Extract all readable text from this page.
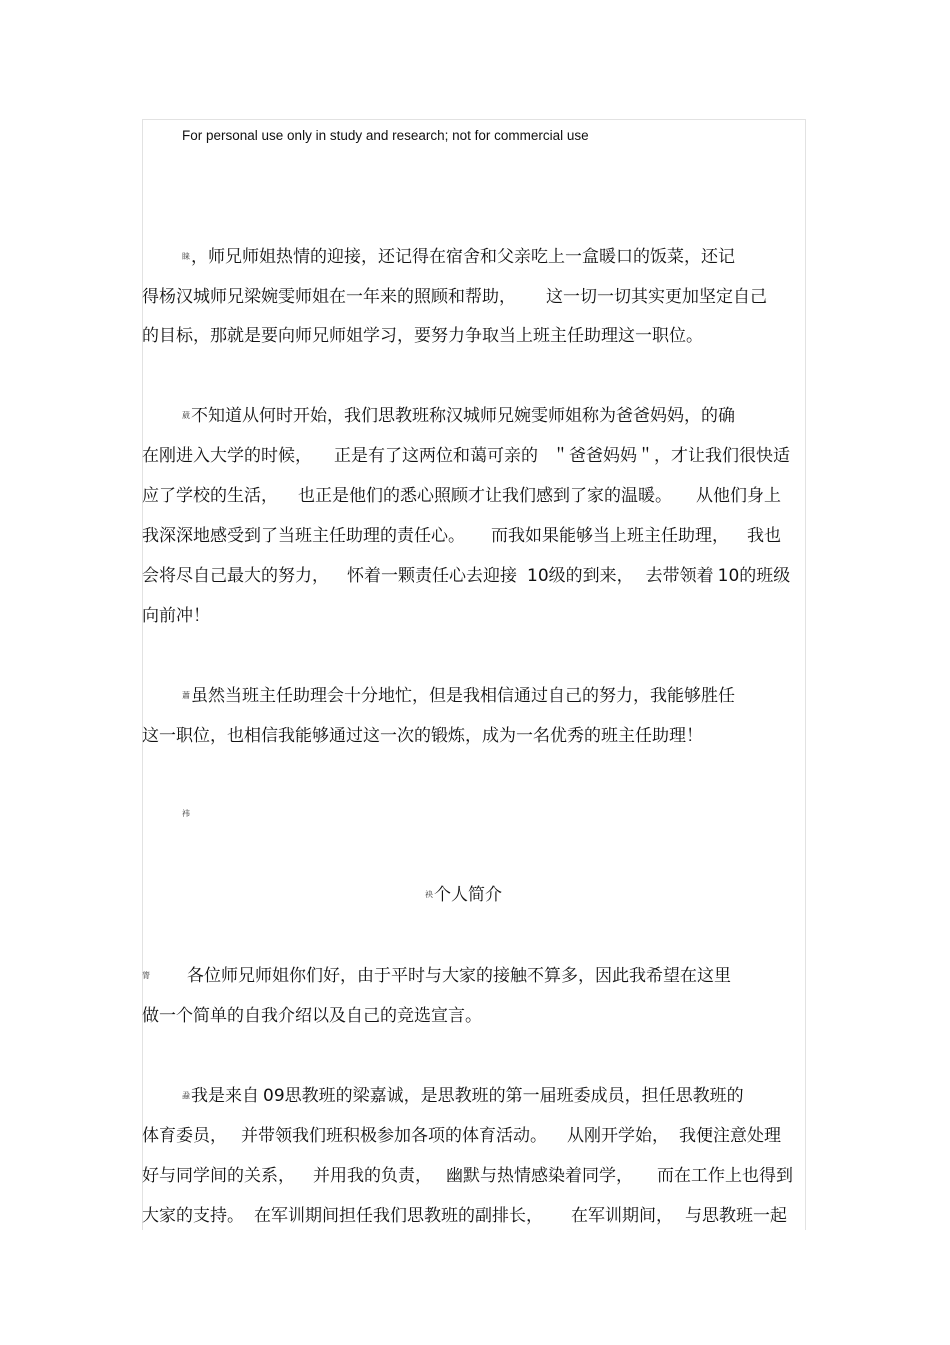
For personal use only in study and research; not for commercial use
睐，师兄师姐热情的迎接，还记得在宿舍和父亲吃上一盒暖口的饭菜，还记
得杨汉城师兄梁婉雯师姐在一年来的照顾和帮助， 这一切一切其实更加坚定自己
的目标，那就是要向师兄师姐学习，要努力争取当上班主任助理这一职位。
葳不知道从何时开始，我们思教班称汉城师兄婉雯师姐称为爸爸妈妈，的确
在刚进入大学的时候， 正是有了这两位和蔼可亲的 ＂爸爸妈妈＂，才让我们很快适
应了学校的生活， 也正是他们的悉心照顾才让我们感到了家的温暖。 从他们身上
我深深地感受到了当班主任助理的责任心。 而我如果能够当上班主任助理， 我也
会将尽自己最大的努力， 怀着一颗责任心去迎接 10级的到来， 去带领着 10的班级
向前冲！
蕭虽然当班主任助理会十分地忙，但是我相信通过自己的努力，我能够胜任
这一职位，也相信我能够通过这一次的锻炼，成为一名优秀的班主任助理！
袆
袂个人简介
膂 各位师兄师姐你们好，由于平时与大家的接触不算多，因此我希望在这里
做一个简单的自我介绍以及自己的竞选宣言。
蝨我是来自 09思教班的梁嘉诚，是思教班的第一届班委成员，担任思教班的
体育委员， 并带领我们班积极参加各项的体育活动。 从刚开学始， 我便注意处理
好与同学间的关系， 并用我的负责， 幽默与热情感染着同学， 而在工作上也得到
大家的支持。 在军训期间担任我们思教班的副排长， 在军训期间， 与思教班一起
